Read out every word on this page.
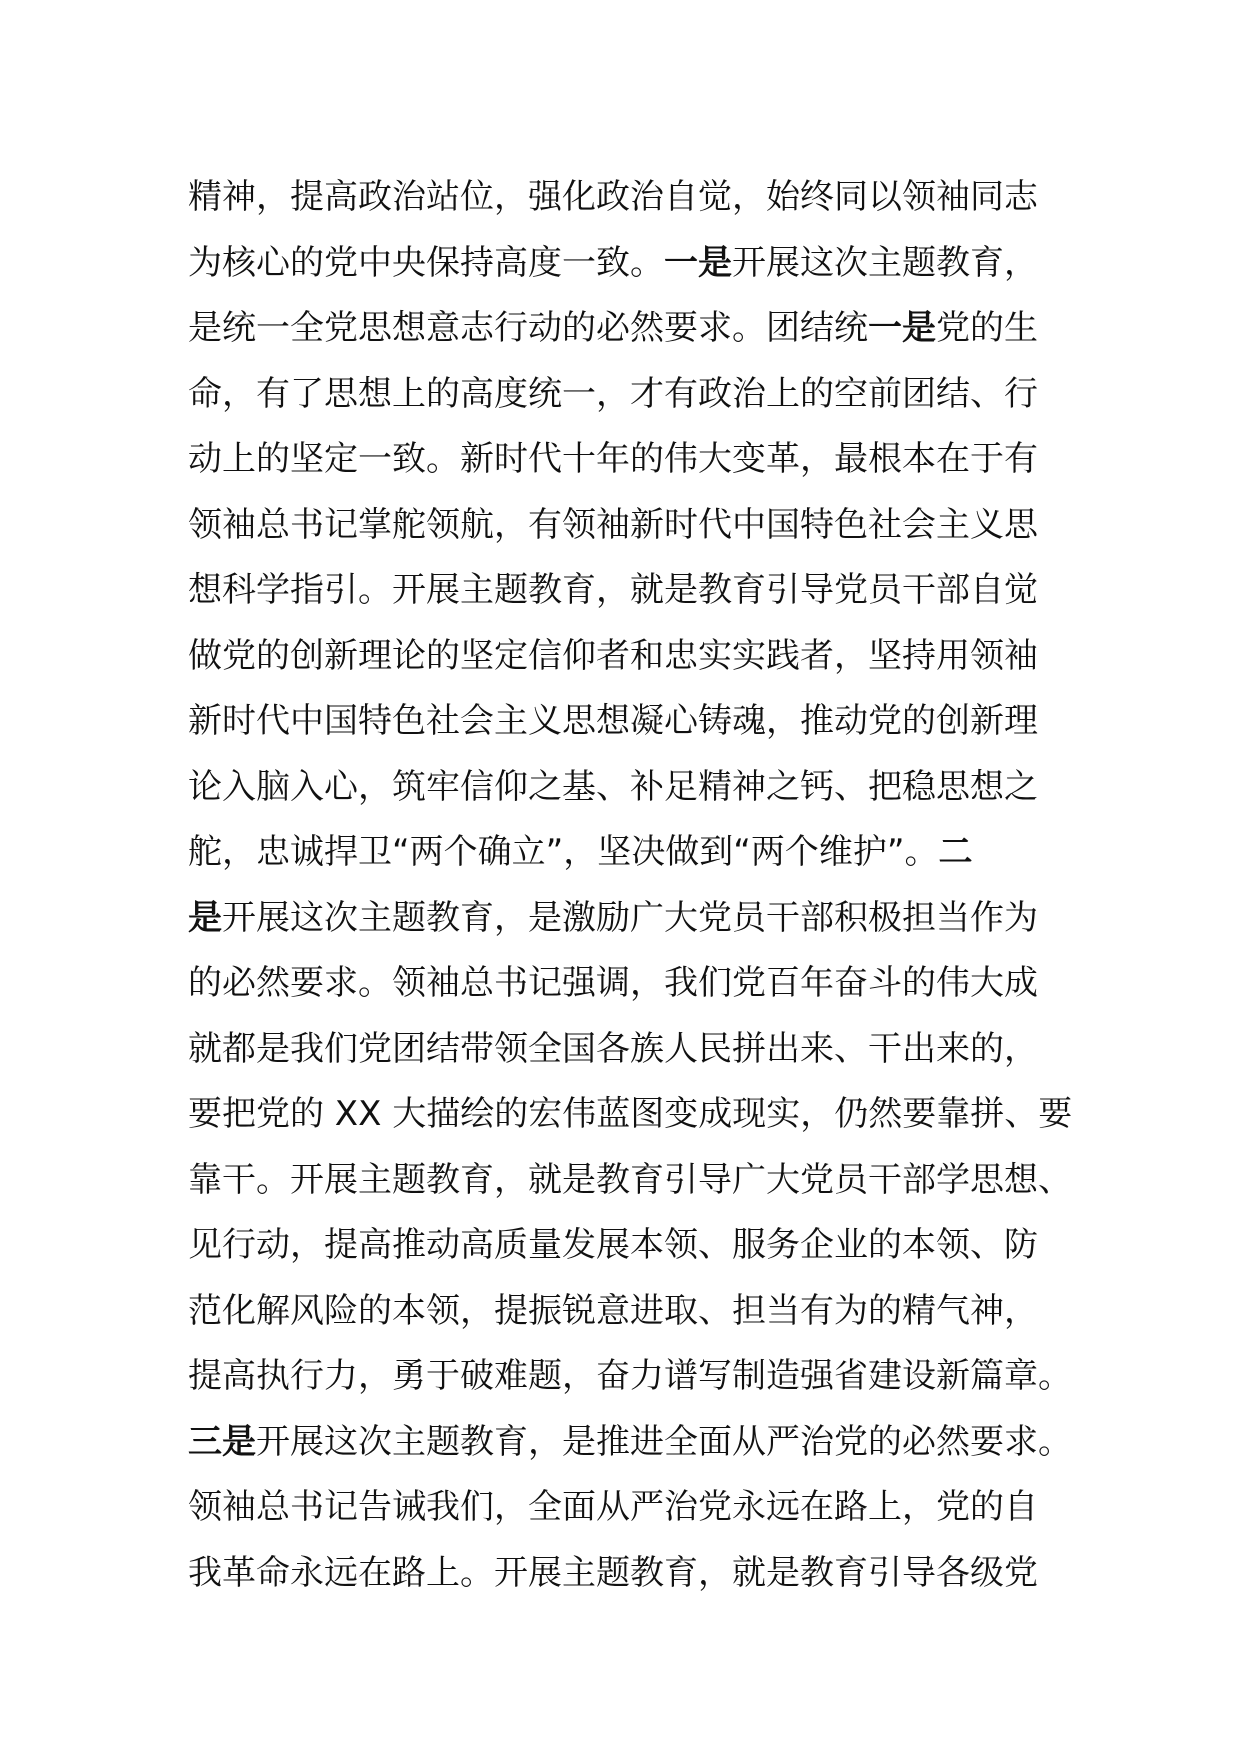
精神，提高政治站位，强化政治自觉，始终同以领袖同志
为核心的党中央保持高度一致。一是开展这次主题教育，
是统一全党思想意志行动的必然要求。团结统一是党的生
命，有了思想上的高度统一，才有政治上的空前团结、行
动上的坚定一致。新时代十年的伟大变革，最根本在于有
领袖总书记掌舵领航，有领袖新时代中国特色社会主义思
想科学指引。开展主题教育，就是教育引导党员干部自觉
做党的创新理论的坚定信仰者和忠实实践者，坚持用领袖
新时代中国特色社会主义思想凝心铸魂，推动党的创新理
论入脑入心，筑牢信仰之基、补足精神之钙、把稳思想之
舵，忠诚捍卫“两个确立”，坚决做到“两个维护”。二
是开展这次主题教育，是激励广大党员干部积极担当作为
的必然要求。领袖总书记强调，我们党百年奋斗的伟大成
就都是我们党团结带领全国各族人民拼出来、干出来的，
要把党的 XX 大描绘的宏伟蓝图变成现实，仍然要靠拼、要
靠干。开展主题教育，就是教育引导广大党员干部学思想、
见行动，提高推动高质量发展本领、服务企业的本领、防
范化解风险的本领，提振锐意进取、担当有为的精气神，
提高执行力，勇于破难题，奋力谱写制造强省建设新篇章。
三是开展这次主题教育，是推进全面从严治党的必然要求。
领袖总书记告诫我们，全面从严治党永远在路上，党的自
我革命永远在路上。开展主题教育，就是教育引导各级党
